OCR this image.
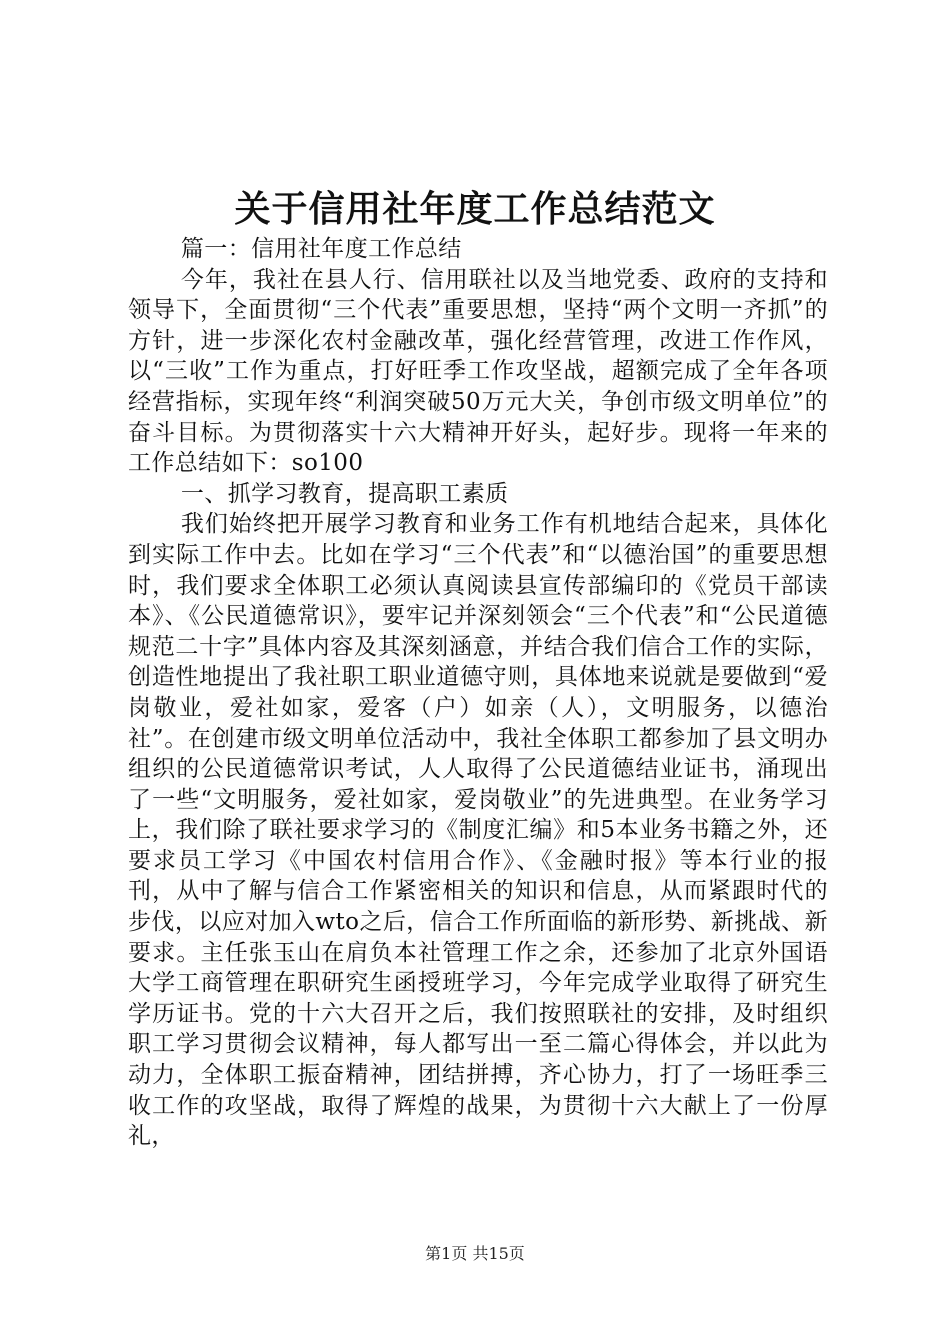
关于信用社年度工作总结范文

篇一：信用社年度工作总结

今年，我社在县人行、信用联社以及当地党委、政府的支持和领导下，全面贯彻“三个代表”重要思想，坚持“两个文明一齐抓”的方针，进一步深化农村金融改革，强化经营管理，改进工作作风，以“三收”工作为重点，打好旺季工作攻坚战，超额完成了全年各项经营指标，实现年终“利润突破50万元大关，争创市级文明单位”的奋斗目标。为贯彻落实十六大精神开好头，起好步。现将一年来的工作总结如下：so100

一、抓学习教育，提高职工素质

我们始终把开展学习教育和业务工作有机地结合起来，具体化到实际工作中去。比如在学习“三个代表”和“以德治国”的重要思想时，我们要求全体职工必须认真阅读县宣传部编印的《党员干部读本》、《公民道德常识》，要牢记并深刻领会“三个代表”和“公民道德规范二十字”具体内容及其深刻涵意，并结合我们信合工作的实际，创造性地提出了我社职工职业道德守则，具体地来说就是要做到“爱岗敬业，爱社如家，爱客（户）如亲（人），文明服务，以德治社”。在创建市级文明单位活动中，我社全体职工都参加了县文明办组织的公民道德常识考试，人人取得了公民道德结业证书，涌现出了一些“文明服务，爱社如家，爱岗敬业”的先进典型。在业务学习上，我们除了联社要求学习的《制度汇编》和5本业务书籍之外，还要求员工学习《中国农村信用合作》、《金融时报》等本行业的报刊，从中了解与信合工作紧密相关的知识和信息，从而紧跟时代的步伐，以应对加入wto之后，信合工作所面临的新形势、新挑战、新要求。主任张玉山在肩负本社管理工作之余，还参加了北京外国语大学工商管理在职研究生函授班学习，今年完成学业取得了研究生学历证书。党的十六大召开之后，我们按照联社的安排，及时组织职工学习贯彻会议精神，每人都写出一至二篇心得体会，并以此为动力，全体职工振奋精神，团结拼搏，齐心协力，打了一场旺季三收工作的攻坚战，取得了辉煌的战果，为贯彻十六大献上了一份厚礼，

第1页 共15页
